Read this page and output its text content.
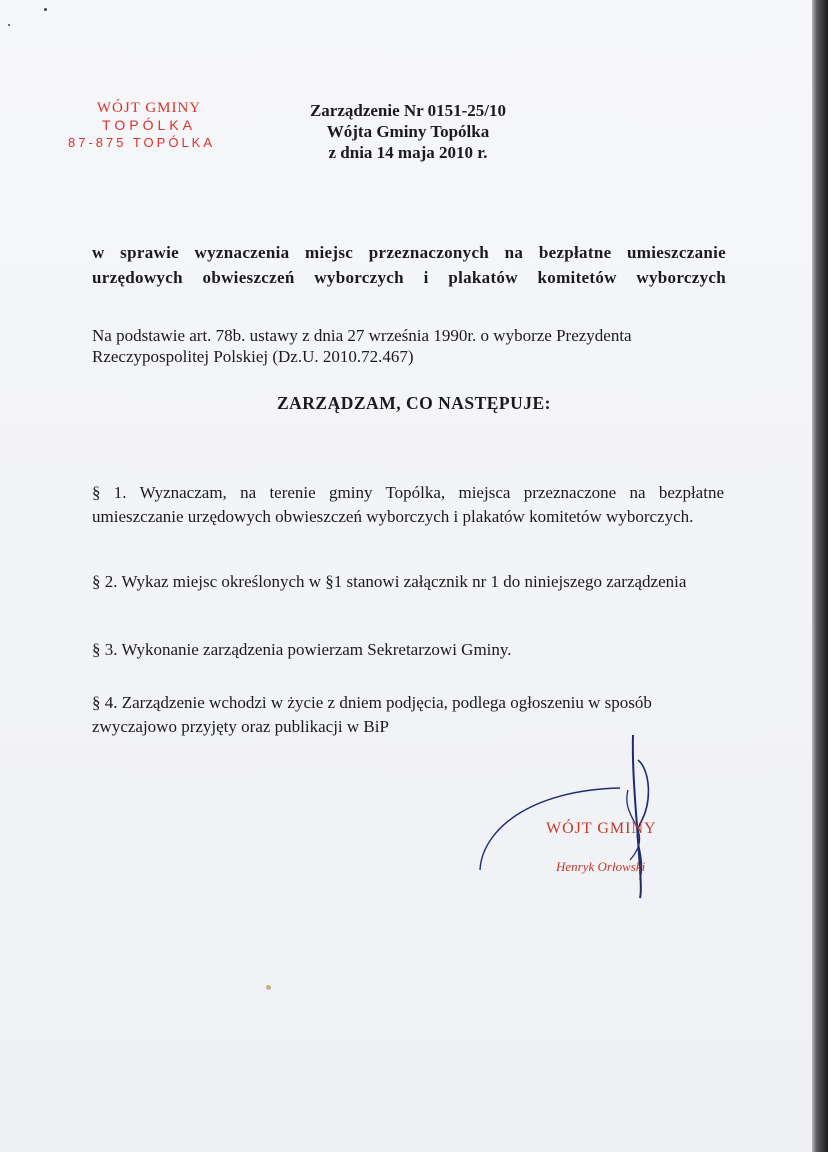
WÓJT GMINY
TOPÓLKA
87-875 TOPÓLKA
Zarządzenie Nr 0151-25/10
Wójta Gminy Topólka
z dnia 14 maja 2010 r.
w sprawie wyznaczenia miejsc przeznaczonych na bezpłatne umieszczanie
urzędowych obwieszczeń wyborczych i plakatów komitetów wyborczych
Na podstawie art. 78b. ustawy z dnia 27 września 1990r. o wyborze Prezydenta
Rzeczypospolitej Polskiej (Dz.U. 2010.72.467)
ZARZĄDZAM, CO NASTĘPUJE:
§ 1. Wyznaczam, na terenie gminy Topólka, miejsca przeznaczone na bezpłatne umieszczanie urzędowych obwieszczeń wyborczych i plakatów komitetów wyborczych.
§ 2. Wykaz miejsc określonych w §1 stanowi załącznik nr 1 do niniejszego zarządzenia
§ 3. Wykonanie zarządzenia powierzam Sekretarzowi Gminy.
§ 4. Zarządzenie wchodzi w życie z dniem podjęcia, podlega ogłoszeniu w sposób zwyczajowo przyjęty oraz publikacji w BiP
WÓJT GMINY
Henryk Orłowski
